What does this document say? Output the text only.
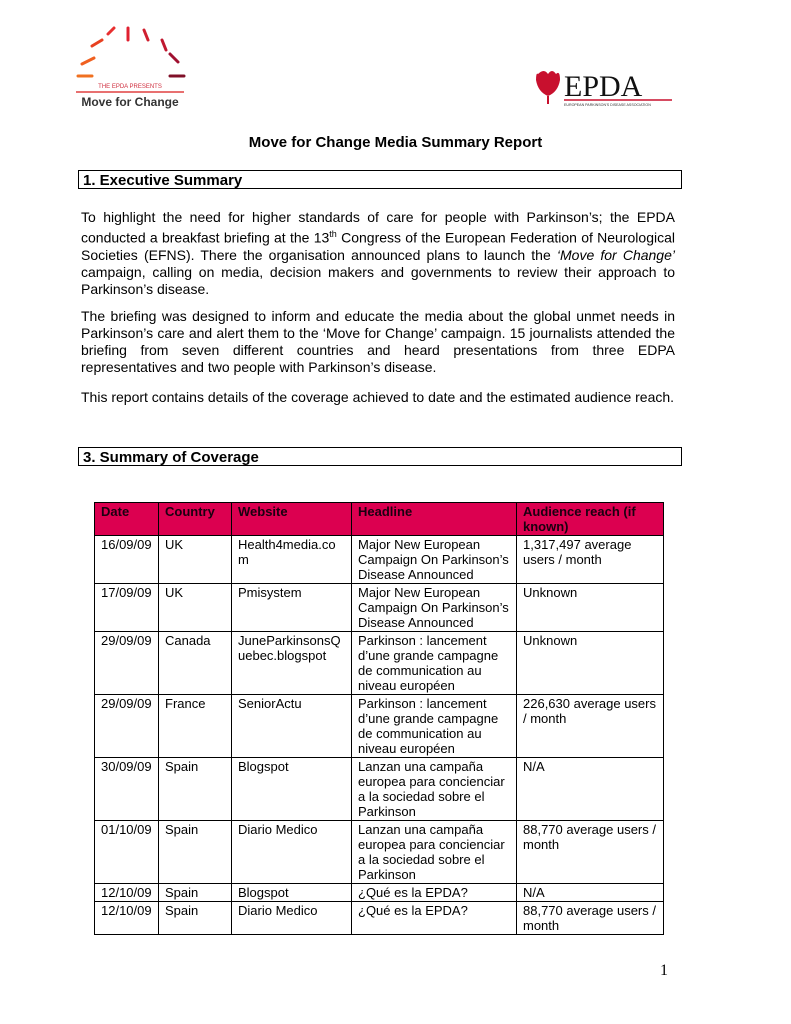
THE EPDA PRESENTS
Move for Change	EPDA
EUROPEAN PARKINSON'S DISEASE ASSOCIATION
Move for Change Media Summary Report
1. Executive Summary
To highlight the need for higher standards of care for people with Parkinson’s; the EPDA conducted a breakfast briefing at the 13th Congress of the European Federation of Neurological Societies (EFNS). There the organisation announced plans to launch the ‘Move for Change’ campaign, calling on media, decision makers and governments to review their approach to Parkinson’s disease.
The briefing was designed to inform and educate the media about the global unmet needs in Parkinson’s care and alert them to the ‘Move for Change’ campaign. 15 journalists attended the briefing from seven different countries and heard presentations from three EDPA representatives and two people with Parkinson’s disease.
This report contains details of the coverage achieved to date and the estimated audience reach.
3. Summary of Coverage
Date	Country	Website	Headline	Audience reach (if known)
16/09/09	UK	Health4media.co m	Major New European Campaign On Parkinson’s Disease Announced	1,317,497 average users / month
17/09/09	UK	Pmisystem	Major New European Campaign On Parkinson’s Disease Announced	Unknown
29/09/09	Canada	JuneParkinsonsQ uebec.blogspot	Parkinson : lancement d’une grande campagne de communication au niveau européen	Unknown
29/09/09	France	SeniorActu	Parkinson : lancement d’une grande campagne de communication au niveau européen	226,630 average users / month
30/09/09	Spain	Blogspot	Lanzan una campaña europea para concienciar a la sociedad sobre el Parkinson	N/A
01/10/09	Spain	Diario Medico	Lanzan una campaña europea para concienciar a la sociedad sobre el Parkinson	88,770 average users / month
12/10/09	Spain	Blogspot	¿Qué es la EPDA?	N/A
12/10/09	Spain	Diario Medico	¿Qué es la EPDA?	88,770 average users / month
1
